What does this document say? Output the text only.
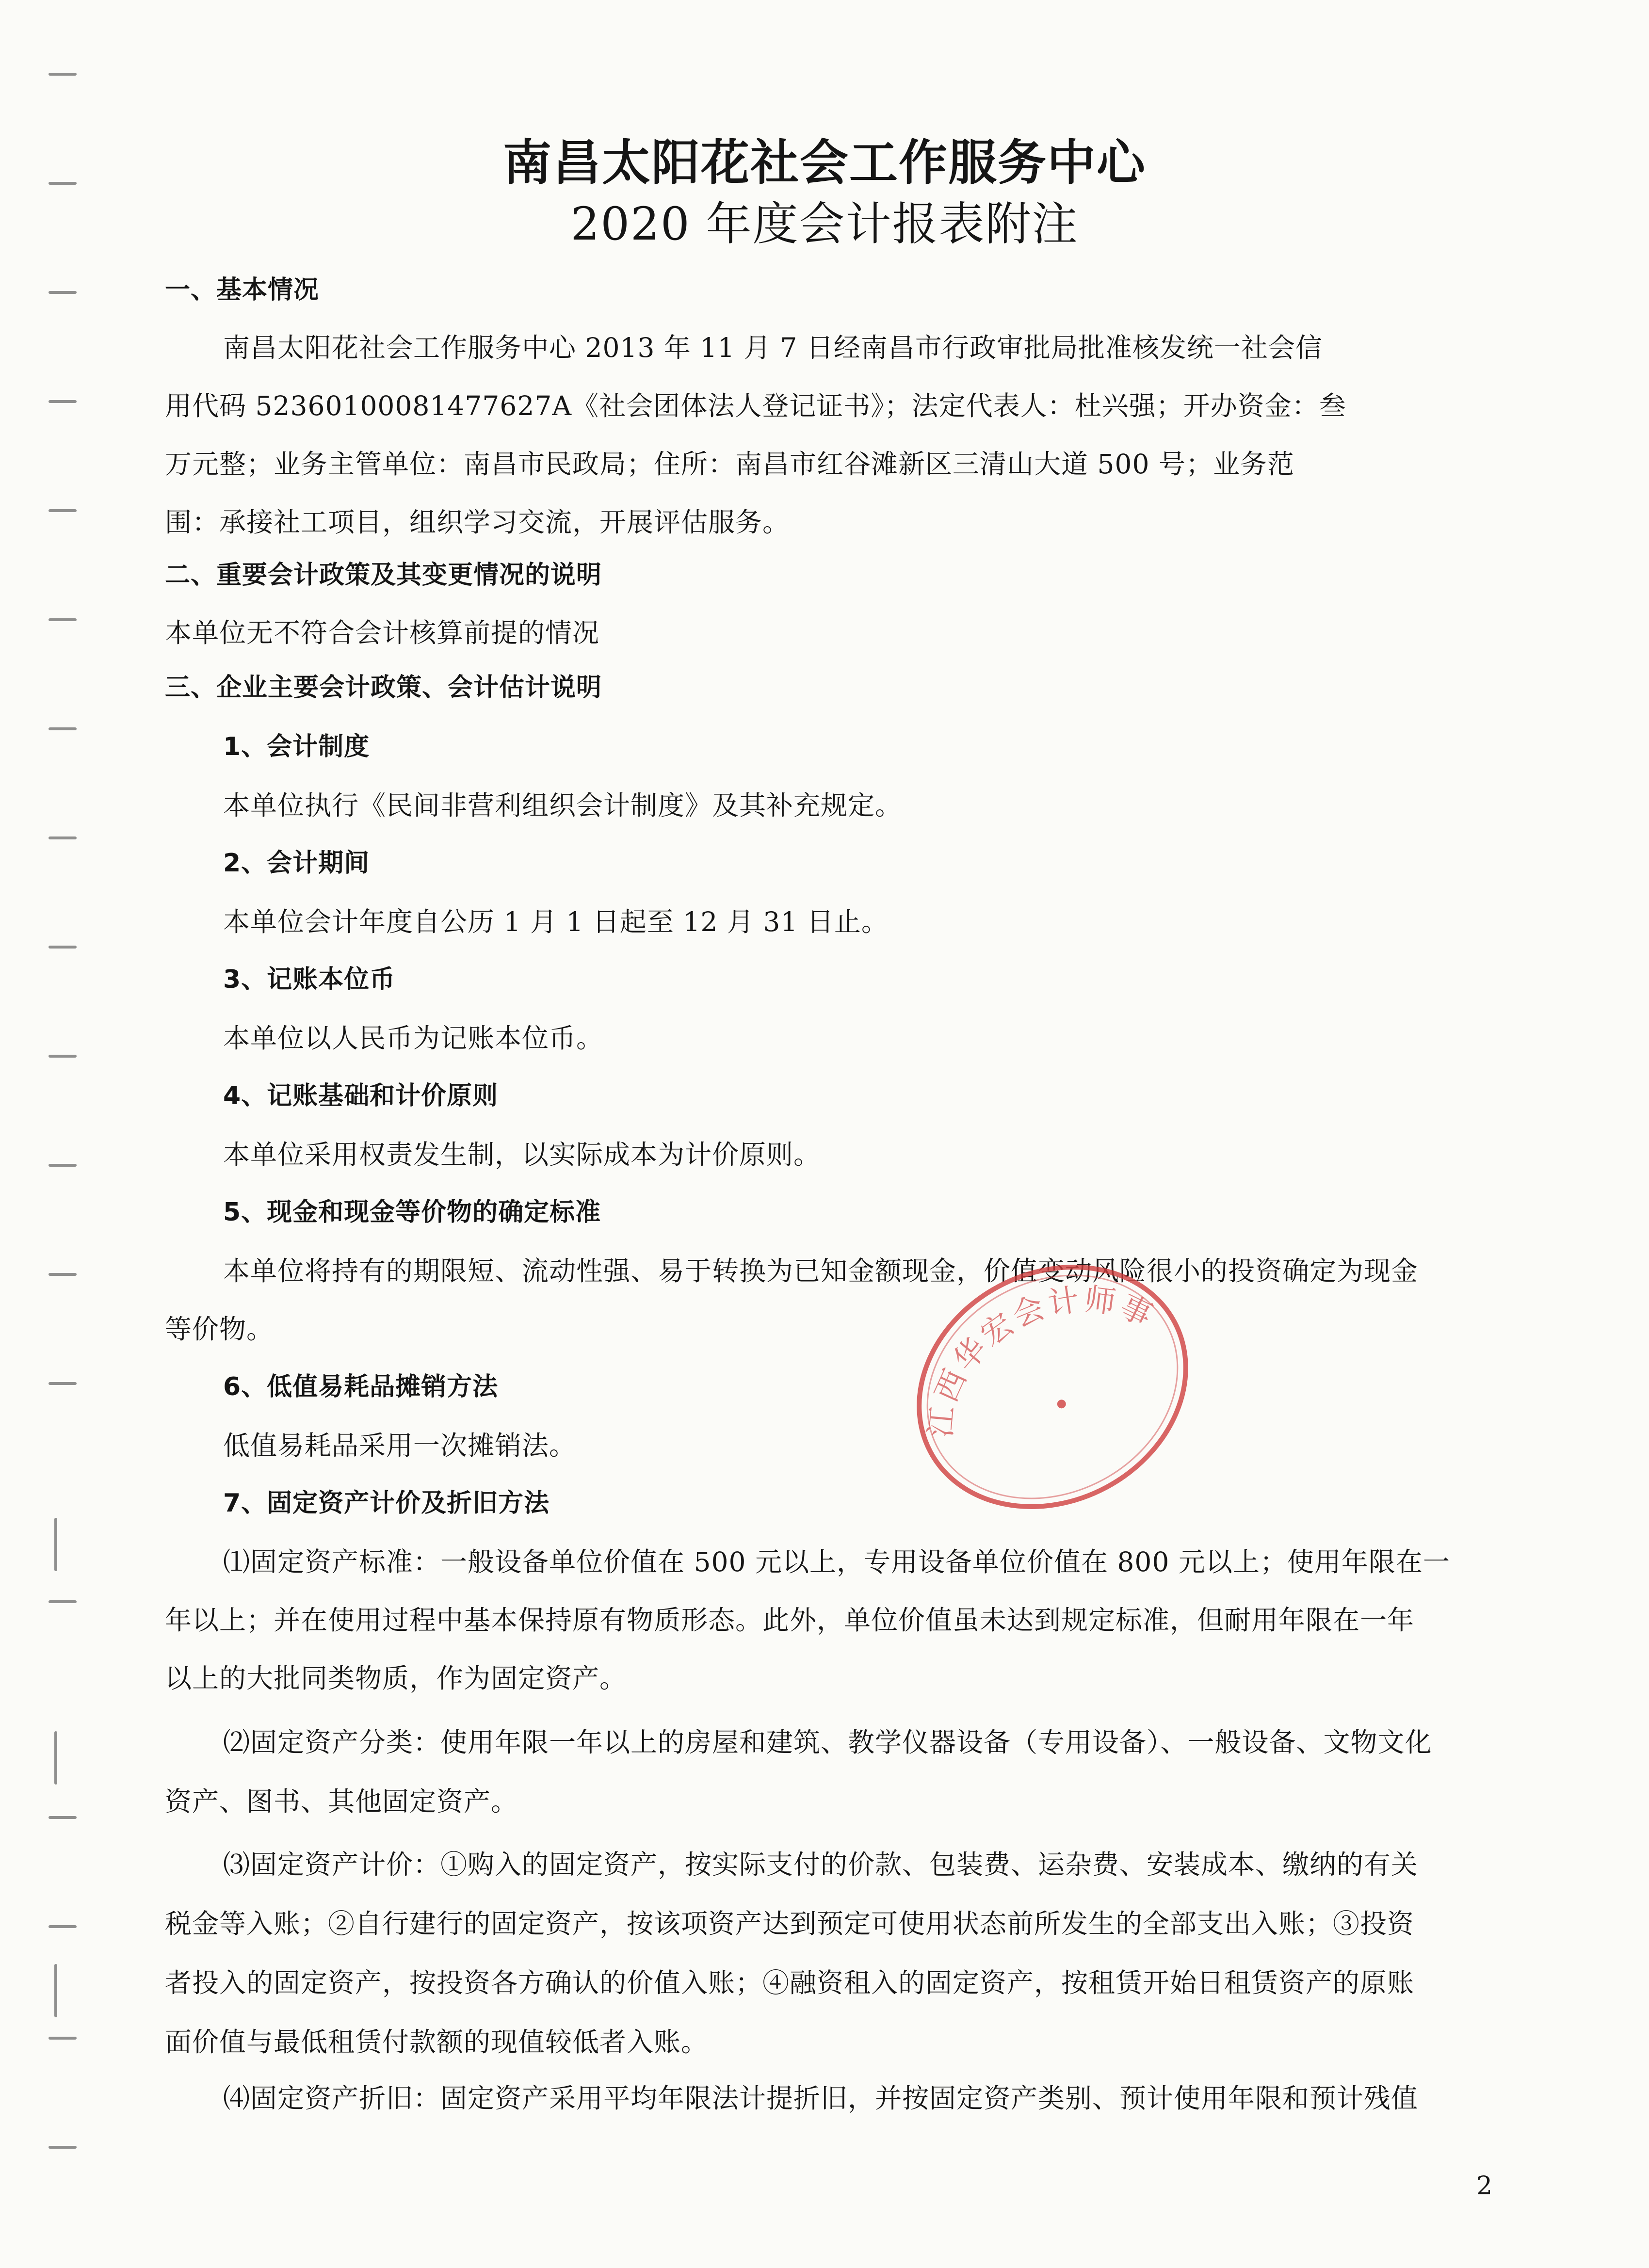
南昌太阳花社会工作服务中心
2020 年度会计报表附注
一、基本情况
南昌太阳花社会工作服务中心 2013 年 11 月 7 日经南昌市行政审批局批准核发统一社会信
用代码 52360100081477627A《社会团体法人登记证书》；法定代表人：杜兴强；开办资金：叁
万元整；业务主管单位：南昌市民政局；住所：南昌市红谷滩新区三清山大道 500 号；业务范
围：承接社工项目，组织学习交流，开展评估服务。
二、重要会计政策及其变更情况的说明
本单位无不符合会计核算前提的情况
三、企业主要会计政策、会计估计说明
1、会计制度
本单位执行《民间非营利组织会计制度》及其补充规定。
2、会计期间
本单位会计年度自公历 1 月 1 日起至 12 月 31 日止。
3、记账本位币
本单位以人民币为记账本位币。
4、记账基础和计价原则
本单位采用权责发生制，以实际成本为计价原则。
5、现金和现金等价物的确定标准
本单位将持有的期限短、流动性强、易于转换为已知金额现金，价值变动风险很小的投资确定为现金
等价物。
6、低值易耗品摊销方法
低值易耗品采用一次摊销法。
7、固定资产计价及折旧方法
⑴固定资产标准：一般设备单位价值在 500 元以上，专用设备单位价值在 800 元以上；使用年限在一
年以上；并在使用过程中基本保持原有物质形态。此外，单位价值虽未达到规定标准，但耐用年限在一年
以上的大批同类物质，作为固定资产。
⑵固定资产分类：使用年限一年以上的房屋和建筑、教学仪器设备（专用设备）、一般设备、文物文化
资产、图书、其他固定资产。
⑶固定资产计价：①购入的固定资产，按实际支付的价款、包装费、运杂费、安装成本、缴纳的有关
税金等入账；②自行建行的固定资产，按该项资产达到预定可使用状态前所发生的全部支出入账；③投资
者投入的固定资产，按投资各方确认的价值入账；④融资租入的固定资产，按租赁开始日租赁资产的原账
面价值与最低租赁付款额的现值较低者入账。
⑷固定资产折旧：固定资产采用平均年限法计提折旧，并按固定资产类别、预计使用年限和预计残值
江西华宏会计师事务所
2
